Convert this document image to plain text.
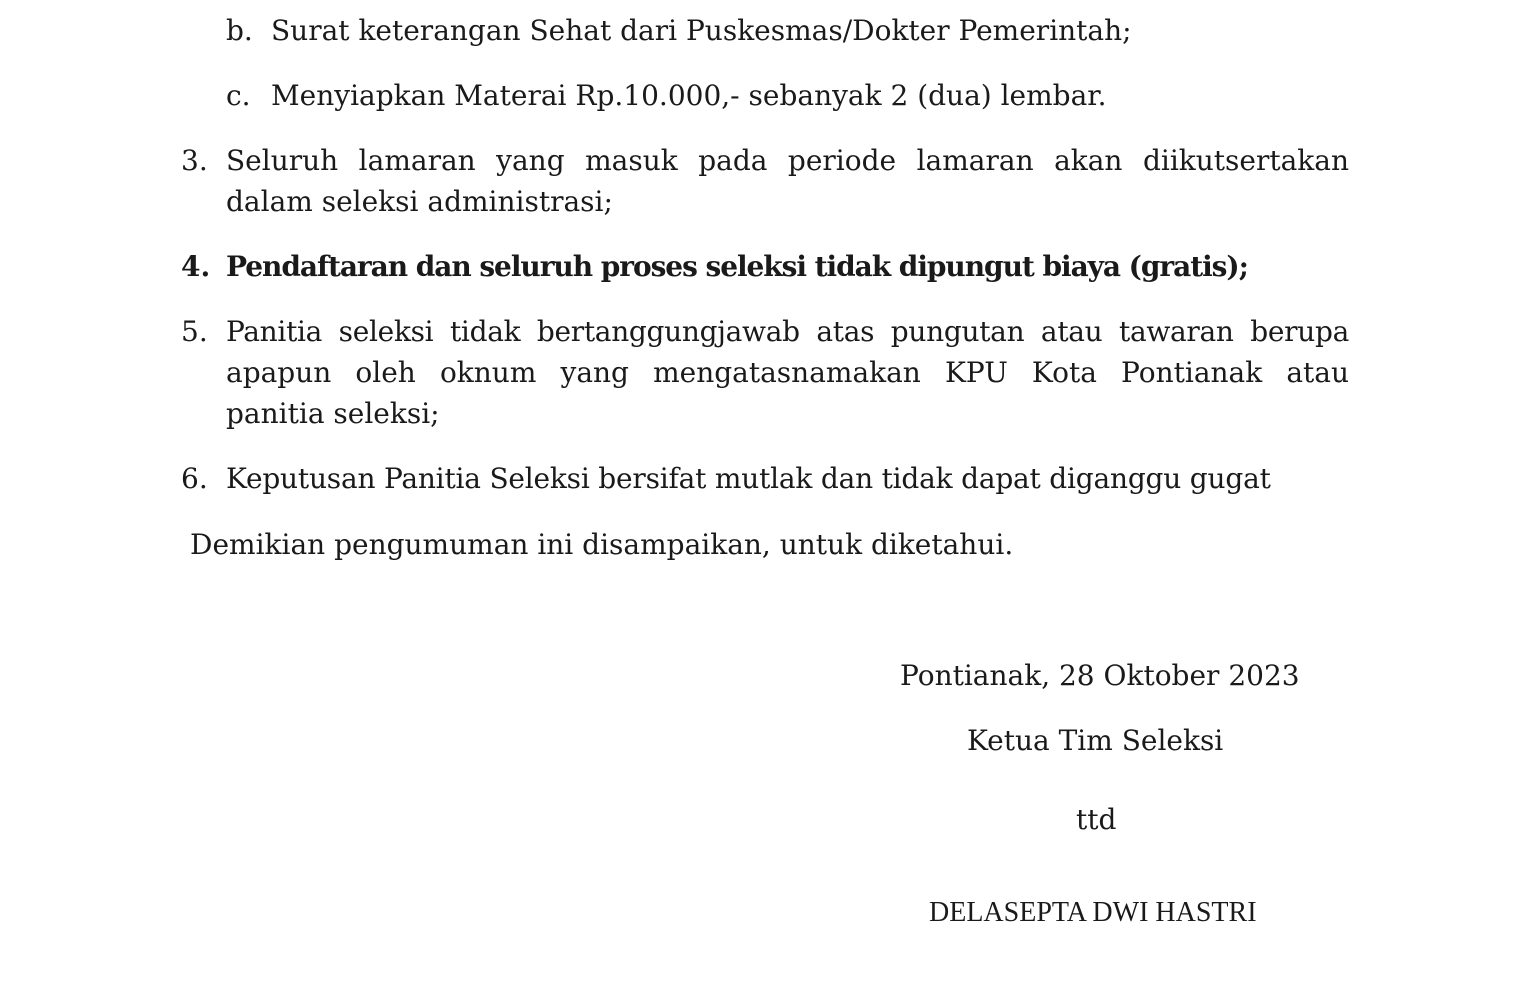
b. Surat keterangan Sehat dari Puskesmas/Dokter Pemerintah;
c. Menyiapkan Materai Rp.10.000,- sebanyak 2 (dua) lembar.
3. Seluruh lamaran yang masuk pada periode lamaran akan diikutsertakan
dalam seleksi administrasi;
4. Pendaftaran dan seluruh proses seleksi tidak dipungut biaya (gratis);
5. Panitia seleksi tidak bertanggungjawab atas pungutan atau tawaran berupa
apapun oleh oknum yang mengatasnamakan KPU Kota Pontianak atau
panitia seleksi;
6. Keputusan Panitia Seleksi bersifat mutlak dan tidak dapat diganggu gugat
Demikian pengumuman ini disampaikan, untuk diketahui.
Pontianak, 28 Oktober 2023
Ketua Tim Seleksi
ttd
DELASEPTA DWI HASTRI
